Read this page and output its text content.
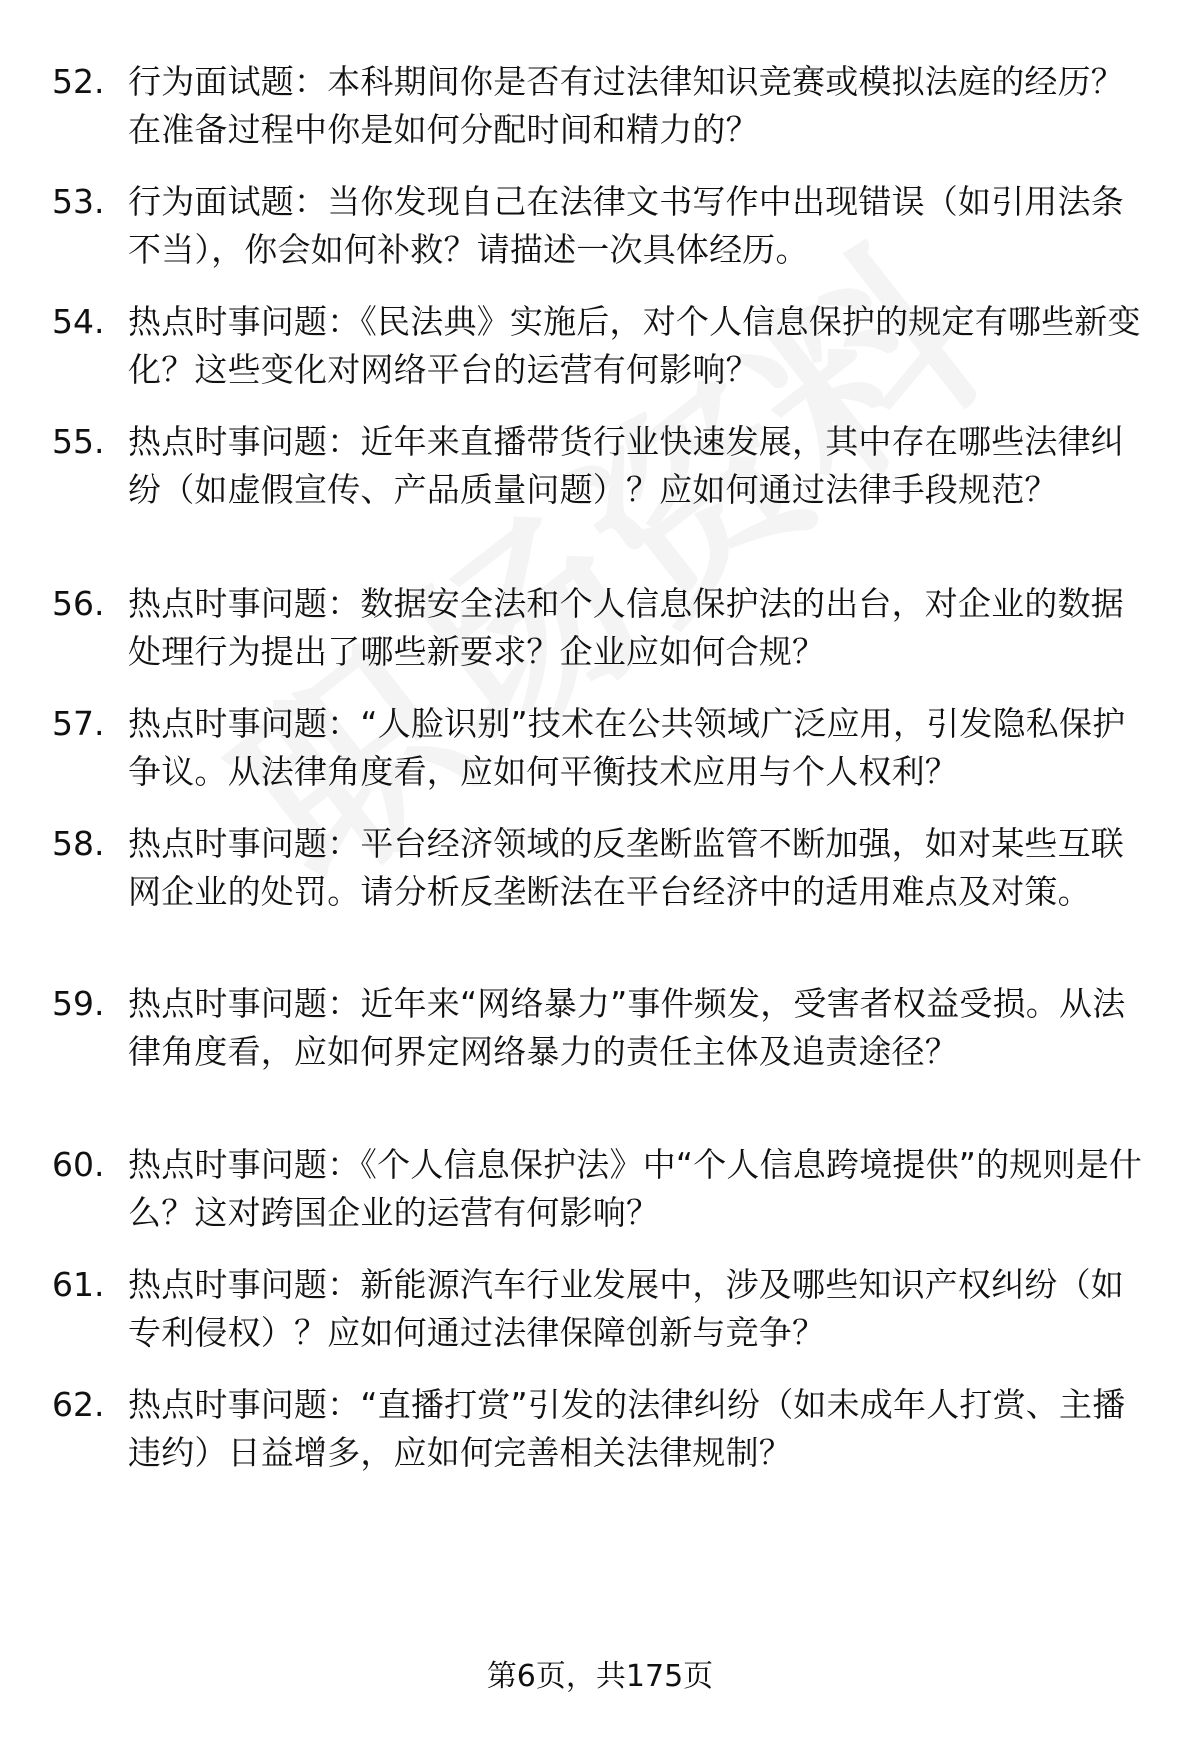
52. 行为面试题：本科期间你是否有过法律知识竞赛或模拟法庭的经历？在准备过程中你是如何分配时间和精力的？
53. 行为面试题：当你发现自己在法律文书写作中出现错误（如引用法条不当），你会如何补救？请描述一次具体经历。
54. 热点时事问题：《民法典》实施后，对个人信息保护的规定有哪些新变化？这些变化对网络平台的运营有何影响？
55. 热点时事问题：近年来直播带货行业快速发展，其中存在哪些法律纠纷（如虚假宣传、产品质量问题）？应如何通过法律手段规范？
56. 热点时事问题：数据安全法和个人信息保护法的出台，对企业的数据处理行为提出了哪些新要求？企业应如何合规？
57. 热点时事问题：“人脸识别”技术在公共领域广泛应用，引发隐私保护争议。从法律角度看，应如何平衡技术应用与个人权利？
58. 热点时事问题：平台经济领域的反垄断监管不断加强，如对某些互联网企业的处罚。请分析反垄断法在平台经济中的适用难点及对策。
59. 热点时事问题：近年来“网络暴力”事件频发，受害者权益受损。从法律角度看，应如何界定网络暴力的责任主体及追责途径？
60. 热点时事问题：《个人信息保护法》中“个人信息跨境提供”的规则是什么？这对跨国企业的运营有何影响？
61. 热点时事问题：新能源汽车行业发展中，涉及哪些知识产权纠纷（如专利侵权）？应如何通过法律保障创新与竞争？
62. 热点时事问题：“直播打赏”引发的法律纠纷（如未成年人打赏、主播违约）日益增多，应如何完善相关法律规制？
第6页，共175页
